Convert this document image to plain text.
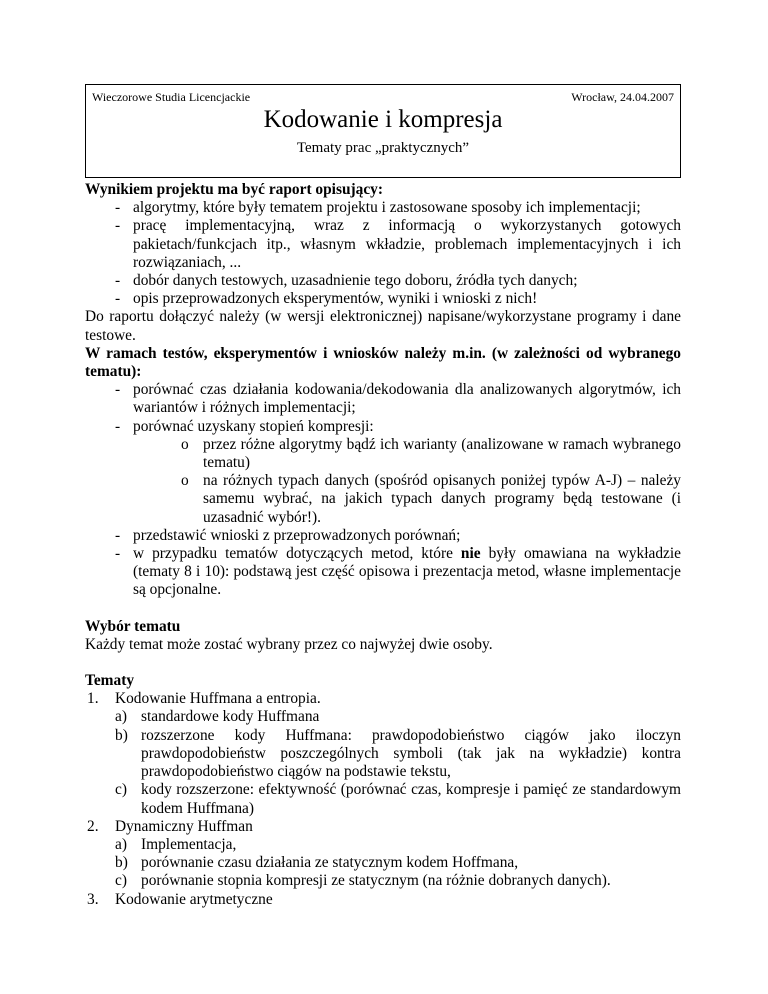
Wieczorowe Studia Licencjackie	Wrocław, 24.04.2007
Kodowanie i kompresja
Tematy prac „praktycznych”

Wynikiem projektu ma być raport opisujący:

- algorytmy, które były tematem projektu i zastosowane sposoby ich implementacji;
- pracę implementacyjną, wraz z informacją o wykorzystanych gotowych pakietach/funkcjach itp., własnym wkładzie, problemach implementacyjnych i ich rozwiązaniach, ...
- dobór danych testowych, uzasadnienie tego doboru, źródła tych danych;
- opis przeprowadzonych eksperymentów, wyniki i wnioski z nich!

Do raportu dołączyć należy (w wersji elektronicznej) napisane/wykorzystane programy i dane testowe.

W ramach testów, eksperymentów i wniosków należy m.in. (w zależności od wybranego tematu):

- porównać czas działania kodowania/dekodowania dla analizowanych algorytmów, ich wariantów i różnych implementacji;
- porównać uzyskany stopień kompresji:
o przez różne algorytmy bądź ich warianty (analizowane w ramach wybranego tematu)
o na różnych typach danych (spośród opisanych poniżej typów A-J) – należy samemu wybrać, na jakich typach danych programy będą testowane (i uzasadnić wybór!).
- przedstawić wnioski z przeprowadzonych porównań;
- w przypadku tematów dotyczących metod, które nie były omawiana na wykładzie (tematy 8 i 10): podstawą jest część opisowa i prezentacja metod, własne implementacje są opcjonalne.

Wybór tematu

Każdy temat może zostać wybrany przez co najwyżej dwie osoby.

Tematy

1. Kodowanie Huffmana a entropia.
a) standardowe kody Huffmana
b) rozszerzone kody Huffmana: prawdopodobieństwo ciągów jako iloczyn prawdopodobieństw poszczególnych symboli (tak jak na wykładzie) kontra prawdopodobieństwo ciągów na podstawie tekstu,
c) kody rozszerzone: efektywność (porównać czas, kompresje i pamięć ze standardowym kodem Huffmana)
2. Dynamiczny Huffman
a) Implementacja,
b) porównanie czasu działania ze statycznym kodem Hoffmana,
c) porównanie stopnia kompresji ze statycznym (na różnie dobranych danych).
3. Kodowanie arytmetyczne
